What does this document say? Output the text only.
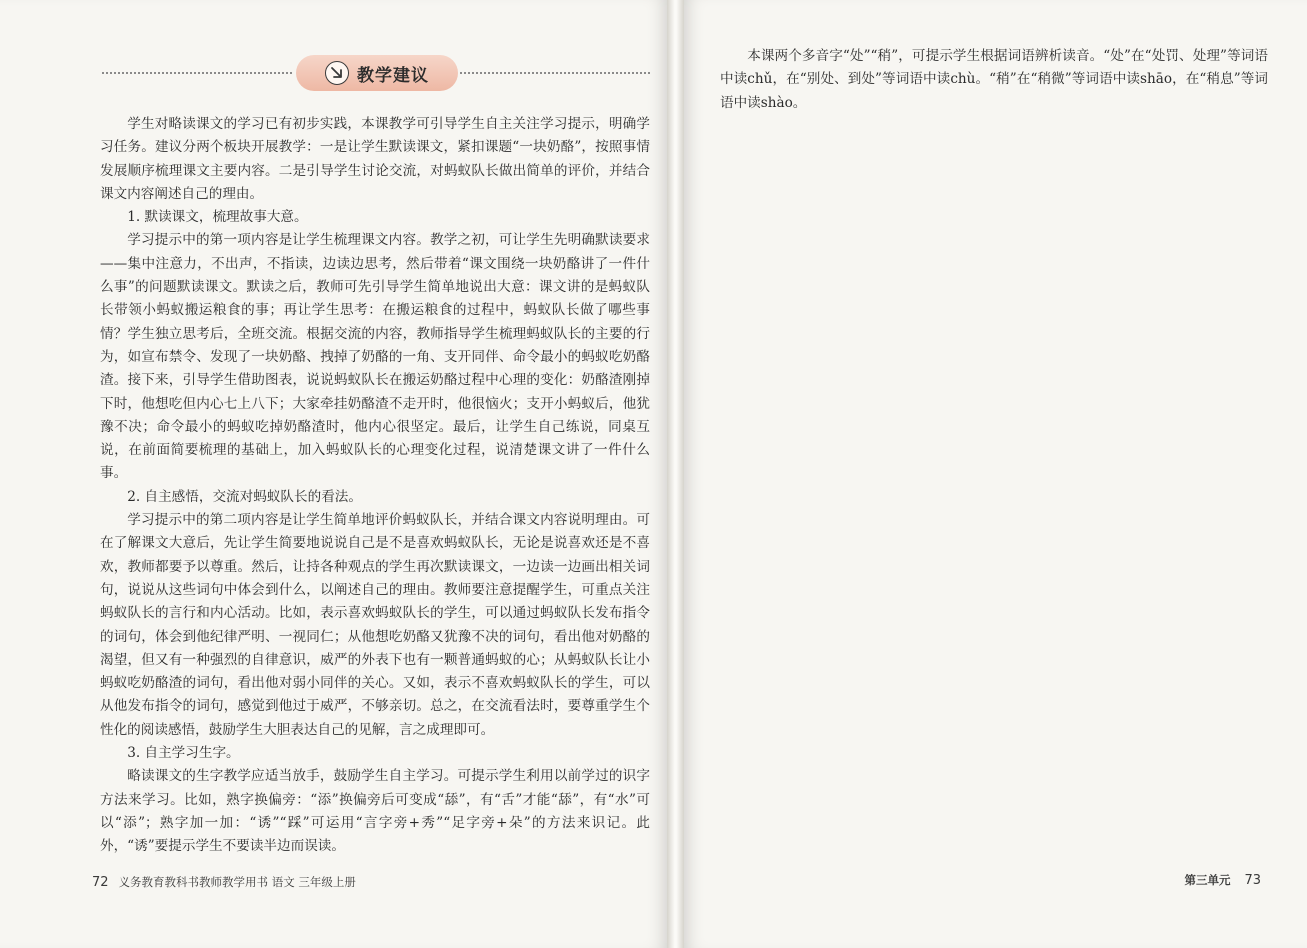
教学建议

学生对略读课文的学习已有初步实践，本课教学可引导学生自主关注学习提示，明确学习任务。建议分两个板块开展教学：一是让学生默读课文，紧扣课题“一块奶酪”，按照事情发展顺序梳理课文主要内容。二是引导学生讨论交流，对蚂蚁队长做出简单的评价，并结合课文内容阐述自己的理由。

1. 默读课文，梳理故事大意。

学习提示中的第一项内容是让学生梳理课文内容。教学之初，可让学生先明确默读要求——集中注意力，不出声，不指读，边读边思考，然后带着“课文围绕一块奶酪讲了一件什么事”的问题默读课文。默读之后，教师可先引导学生简单地说出大意：课文讲的是蚂蚁队长带领小蚂蚁搬运粮食的事；再让学生思考：在搬运粮食的过程中，蚂蚁队长做了哪些事情？学生独立思考后，全班交流。根据交流的内容，教师指导学生梳理蚂蚁队长的主要的行为，如宣布禁令、发现了一块奶酪、拽掉了奶酪的一角、支开同伴、命令最小的蚂蚁吃奶酪渣。接下来，引导学生借助图表，说说蚂蚁队长在搬运奶酪过程中心理的变化：奶酪渣刚掉下时，他想吃但内心七上八下；大家牵挂奶酪渣不走开时，他很恼火；支开小蚂蚁后，他犹豫不决；命令最小的蚂蚁吃掉奶酪渣时，他内心很坚定。最后，让学生自己练说，同桌互说，在前面简要梳理的基础上，加入蚂蚁队长的心理变化过程，说清楚课文讲了一件什么事。

2. 自主感悟，交流对蚂蚁队长的看法。

学习提示中的第二项内容是让学生简单地评价蚂蚁队长，并结合课文内容说明理由。可在了解课文大意后，先让学生简要地说说自己是不是喜欢蚂蚁队长，无论是说喜欢还是不喜欢，教师都要予以尊重。然后，让持各种观点的学生再次默读课文，一边读一边画出相关词句，说说从这些词句中体会到什么，以阐述自己的理由。教师要注意提醒学生，可重点关注蚂蚁队长的言行和内心活动。比如，表示喜欢蚂蚁队长的学生，可以通过蚂蚁队长发布指令的词句，体会到他纪律严明、一视同仁；从他想吃奶酪又犹豫不决的词句，看出他对奶酪的渴望，但又有一种强烈的自律意识，威严的外表下也有一颗普通蚂蚁的心；从蚂蚁队长让小蚂蚁吃奶酪渣的词句，看出他对弱小同伴的关心。又如，表示不喜欢蚂蚁队长的学生，可以从他发布指令的词句，感觉到他过于威严，不够亲切。总之，在交流看法时，要尊重学生个性化的阅读感悟，鼓励学生大胆表达自己的见解，言之成理即可。

3. 自主学习生字。

略读课文的生字教学应适当放手，鼓励学生自主学习。可提示学生利用以前学过的识字方法来学习。比如，熟字换偏旁：“添”换偏旁后可变成“舔”，有“舌”才能“舔”，有“水”可以“添”；熟字加一加：“诱”“踩”可运用“言字旁+秀”“足字旁+朵”的方法来识记。此外，“诱”要提示学生不要读半边而误读。

72 义务教育教科书教师教学用书 语文 三年级上册

本课两个多音字“处”“稍”，可提示学生根据词语辨析读音。“处”在“处罚、处理”等词语中读chǔ，在“别处、到处”等词语中读chù。“稍”在“稍微”等词语中读shāo，在“稍息”等词语中读shào。

第三单元 73
